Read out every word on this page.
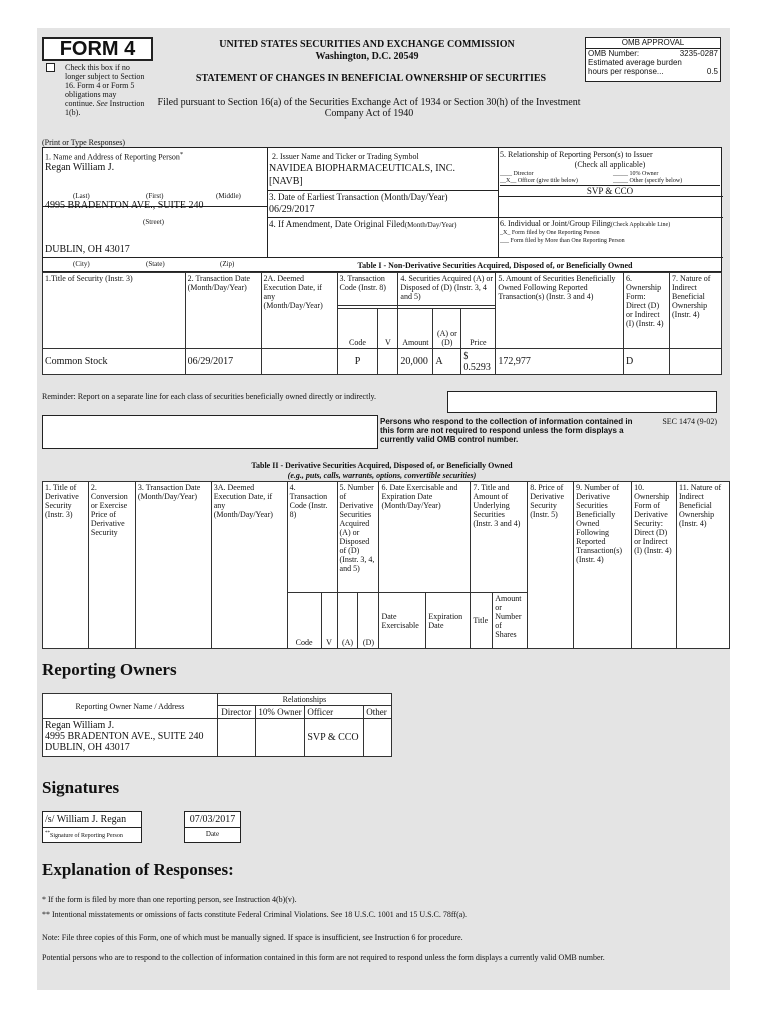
FORM 4
Check this box if no longer subject to Section 16. Form 4 or Form 5 obligations may continue. See Instruction 1(b).
UNITED STATES SECURITIES AND EXCHANGE COMMISSION
Washington, D.C. 20549
STATEMENT OF CHANGES IN BENEFICIAL OWNERSHIP OF SECURITIES
Filed pursuant to Section 16(a) of the Securities Exchange Act of 1934 or Section 30(h) of the Investment Company Act of 1940
OMB APPROVAL
OMB Number:	3235-0287
Estimated average burden
hours per response...	0.5
(Print or Type Responses)
1. Name and Address of Reporting Person*
Regan William J.
(Last)	(First)	(Middle)
4995 BRADENTON AVE., SUITE 240
(Street)
DUBLIN, OH 43017
(City)	(State)	(Zip)
2. Issuer Name and Ticker or Trading Symbol
NAVIDEA BIOPHARMACEUTICALS, INC.
[NAVB]
3. Date of Earliest Transaction (Month/Day/Year)
06/29/2017
4. If Amendment, Date Original Filed(Month/Day/Year)
5. Relationship of Reporting Person(s) to Issuer
(Check all applicable)
____ Director	_____ 10% Owner
__X__ Officer (give title below)	_____ Other (specify below)
SVP & CCO
6. Individual or Joint/Group Filing(Check Applicable Line)
_X_ Form filed by One Reporting Person
___ Form filed by More than One Reporting Person
Table I - Non-Derivative Securities Acquired, Disposed of, or Beneficially Owned
1.Title of Security (Instr. 3)	2. Transaction Date (Month/Day/Year)	2A. Deemed Execution Date, if any (Month/Day/Year)	3. Transaction Code (Instr. 8)		4. Securities Acquired (A) or Disposed of (D) (Instr. 3, 4 and 5)			5. Amount of Securities Beneficially Owned Following Reported Transaction(s) (Instr. 3 and 4)	6. Ownership Form: Direct (D) or Indirect (I) (Instr. 4)	7. Nature of Indirect Beneficial Ownership (Instr. 4)

			Code	V	Amount	(A) or (D)	Price			
Common Stock	06/29/2017		P		20,000	A	$ 0.5293	172,977	D	
Reminder: Report on a separate line for each class of securities beneficially owned directly or indirectly.
Persons who respond to the collection of information contained in this form are not required to respond unless the form displays a currently valid OMB control number.
SEC 1474 (9-02)
Table II - Derivative Securities Acquired, Disposed of, or Beneficially Owned
(e.g., puts, calls, warrants, options, convertible securities)
1. Title of Derivative Security (Instr. 3)	2. Conversion or Exercise Price of Derivative Security	3. Transaction Date (Month/Day/Year)	3A. Deemed Execution Date, if any (Month/Day/Year)	4. Transaction Code (Instr. 8)		5. Number of Derivative Securities Acquired (A) or Disposed of (D) (Instr. 3, 4, and 5)		6. Date Exercisable and Expiration Date (Month/Day/Year)		7. Title and Amount of Underlying Securities (Instr. 3 and 4)		8. Price of Derivative Security (Instr. 5)	9. Number of Derivative Securities Beneficially Owned Following Reported Transaction(s) (Instr. 4)	10. Ownership Form of Derivative Security: Direct (D) or Indirect (I) (Instr. 4)	11. Nature of Indirect Beneficial Ownership (Instr. 4)
				Code	V	(A)	(D)	Date Exercisable	Expiration Date	Title	Amount or Number of Shares				
Reporting Owners
Reporting Owner Name / Address	Relationships			
	Director	10% Owner	Officer	Other

Regan William J.
4995 BRADENTON AVE., SUITE 240
DUBLIN, OH 43017			SVP & CCO	
Signatures
/s/ William J. Regan
**Signature of Reporting Person
07/03/2017
Date
Explanation of Responses:
* If the form is filed by more than one reporting person, see Instruction 4(b)(v).
** Intentional misstatements or omissions of facts constitute Federal Criminal Violations. See 18 U.S.C. 1001 and 15 U.S.C. 78ff(a).
Note: File three copies of this Form, one of which must be manually signed. If space is insufficient, see Instruction 6 for procedure.
Potential persons who are to respond to the collection of information contained in this form are not required to respond unless the form displays a currently valid OMB number.
